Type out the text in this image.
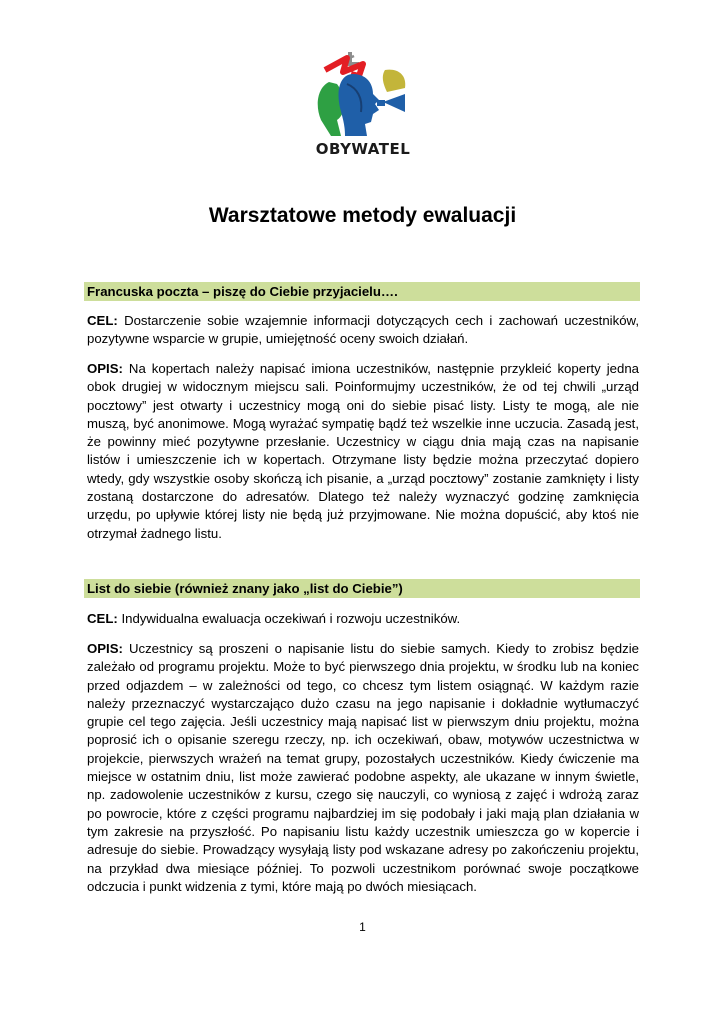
OBYWATEL
Warsztatowe metody ewaluacji
Francuska poczta – piszę do Ciebie przyjacielu….
CEL: Dostarczenie sobie wzajemnie informacji dotyczących cech i zachowań uczestników, pozytywne wsparcie w grupie, umiejętność oceny swoich działań.
OPIS: Na kopertach należy napisać imiona uczestników, następnie przykleić koperty jedna obok drugiej w widocznym miejscu sali. Poinformujmy uczestników, że od tej chwili „urząd pocztowy” jest otwarty i uczestnicy mogą oni do siebie pisać listy. Listy te mogą, ale nie muszą, być anonimowe. Mogą wyrażać sympatię bądź też wszelkie inne uczucia. Zasadą jest, że powinny mieć pozytywne przesłanie. Uczestnicy w ciągu dnia mają czas na napisanie listów i umieszczenie ich w kopertach. Otrzymane listy będzie można przeczytać dopiero wtedy, gdy wszystkie osoby skończą ich pisanie, a „urząd pocztowy” zostanie zamknięty i listy zostaną dostarczone do adresatów. Dlatego też należy wyznaczyć godzinę zamknięcia urzędu, po upływie której listy nie będą już przyjmowane. Nie można dopuścić, aby ktoś nie otrzymał żadnego listu.
List do siebie (również znany jako „list do Ciebie”)
CEL: Indywidualna ewaluacja oczekiwań i rozwoju uczestników.
OPIS: Uczestnicy są proszeni o napisanie listu do siebie samych. Kiedy to zrobisz będzie zależało od programu projektu. Może to być pierwszego dnia projektu, w środku lub na koniec przed odjazdem – w zależności od tego, co chcesz tym listem osiągnąć. W każdym razie należy przeznaczyć wystarczająco dużo czasu na jego napisanie i dokładnie wytłumaczyć grupie cel tego zajęcia. Jeśli uczestnicy mają napisać list w pierwszym dniu projektu, można poprosić ich o opisanie szeregu rzeczy, np. ich oczekiwań, obaw, motywów uczestnictwa w projekcie, pierwszych wrażeń na temat grupy, pozostałych uczestników. Kiedy ćwiczenie ma miejsce w ostatnim dniu, list może zawierać podobne aspekty, ale ukazane w innym świetle, np. zadowolenie uczestników z kursu, czego się nauczyli, co wyniosą z zajęć i wdrożą zaraz po powrocie, które z części programu najbardziej im się podobały i jaki mają plan działania w tym zakresie na przyszłość. Po napisaniu listu każdy uczestnik umieszcza go w kopercie i adresuje do siebie. Prowadzący wysyłają listy pod wskazane adresy po zakończeniu projektu, na przykład dwa miesiące później. To pozwoli uczestnikom porównać swoje początkowe odczucia i punkt widzenia z tymi, które mają po dwóch miesiącach.
1
